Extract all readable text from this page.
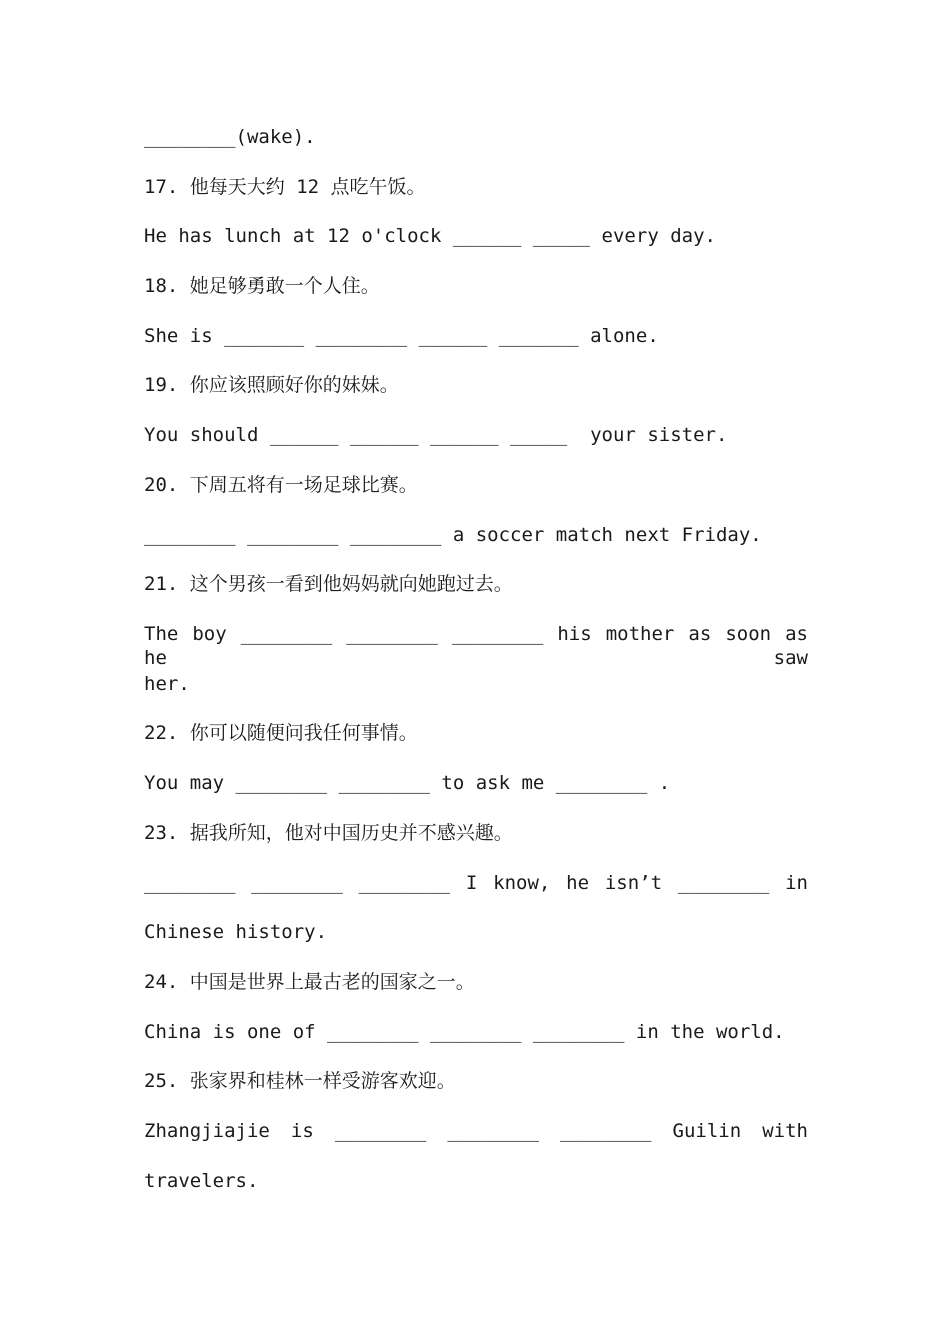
________(wake).
17. 他每天大约 12 点吃午饭。
He has lunch at 12 o'clock ______ _____ every day.
18. 她足够勇敢一个人住。
She is _______ ________ ______ _______ alone.
19. 你应该照顾好你的妹妹。
You should ______ ______ ______ _____  your sister.
20. 下周五将有一场足球比赛。
________ ________ ________ a soccer match next Friday.
21. 这个男孩一看到他妈妈就向她跑过去。
The boy ________ ________ ________ his mother as soon as he saw
her.
22. 你可以随便问我任何事情。
You may ________ ________ to ask me ________ .
23. 据我所知，他对中国历史并不感兴趣。
________ ________ ________ I know, he isn’t ________ in
Chinese history.
24. 中国是世界上最古老的国家之一。
China is one of ________ ________ ________ in the world.
25. 张家界和桂林一样受游客欢迎。
Zhangjiajie is ________ ________ ________ Guilin with
travelers.
